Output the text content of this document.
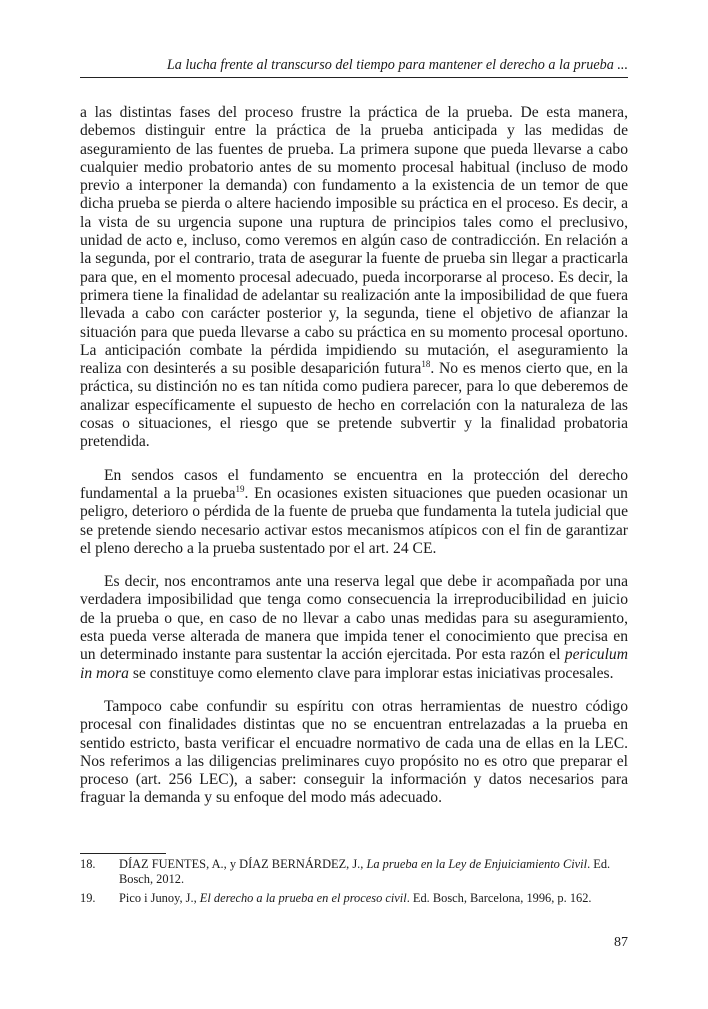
La lucha frente al transcurso del tiempo para mantener el derecho a la prueba ...

a las distintas fases del proceso frustre la práctica de la prueba. De esta manera, debemos distinguir entre la práctica de la prueba anticipada y las medidas de aseguramiento de las fuentes de prueba. La primera supone que pueda llevarse a cabo cualquier medio probatorio antes de su momento procesal habitual (incluso de modo previo a interponer la demanda) con fundamento a la existencia de un temor de que dicha prueba se pierda o altere haciendo imposible su práctica en el proceso. Es decir, a la vista de su urgencia supone una ruptura de principios tales como el preclusivo, unidad de acto e, incluso, como veremos en algún caso de contradicción. En relación a la segunda, por el contrario, trata de asegurar la fuente de prueba sin llegar a practicarla para que, en el momento procesal adecuado, pueda incorporarse al proceso. Es decir, la primera tiene la finalidad de adelantar su realización ante la imposibilidad de que fuera llevada a cabo con carácter posterior y, la segunda, tiene el objetivo de afianzar la situación para que pueda llevarse a cabo su práctica en su momento procesal oportuno. La anticipación combate la pérdida impidiendo su mutación, el aseguramiento la realiza con desinterés a su posible desaparición futura$^{18}$. No es menos cierto que, en la práctica, su distinción no es tan nítida como pudiera parecer, para lo que deberemos de analizar específicamente el supuesto de hecho en correlación con la naturaleza de las cosas o situaciones, el riesgo que se pretende subvertir y la finalidad probatoria pretendida.

En sendos casos el fundamento se encuentra en la protección del derecho fundamental a la prueba$^{19}$. En ocasiones existen situaciones que pueden ocasionar un peligro, deterioro o pérdida de la fuente de prueba que fundamenta la tutela judicial que se pretende siendo necesario activar estos mecanismos atípicos con el fin de garantizar el pleno derecho a la prueba sustentado por el art. 24 CE.

Es decir, nos encontramos ante una reserva legal que debe ir acompañada por una verdadera imposibilidad que tenga como consecuencia la irreproducibilidad en juicio de la prueba o que, en caso de no llevar a cabo unas medidas para su aseguramiento, esta pueda verse alterada de manera que impida tener el conocimiento que precisa en un determinado instante para sustentar la acción ejercitada. Por esta razón el periculum in mora se constituye como elemento clave para implorar estas iniciativas procesales.

Tampoco cabe confundir su espíritu con otras herramientas de nuestro código procesal con finalidades distintas que no se encuentran entrelazadas a la prueba en sentido estricto, basta verificar el encuadre normativo de cada una de ellas en la LEC. Nos referimos a las diligencias preliminares cuyo propósito no es otro que preparar el proceso (art. 256 LEC), a saber: conseguir la información y datos necesarios para fraguar la demanda y su enfoque del modo más adecuado.

18. DÍAZ FUENTES, A., y DÍAZ BERNÁRDEZ, J., La prueba en la Ley de Enjuiciamiento Civil. Ed. Bosch, 2012.
19. Pico i Junoy, J., El derecho a la prueba en el proceso civil. Ed. Bosch, Barcelona, 1996, p. 162.
87
